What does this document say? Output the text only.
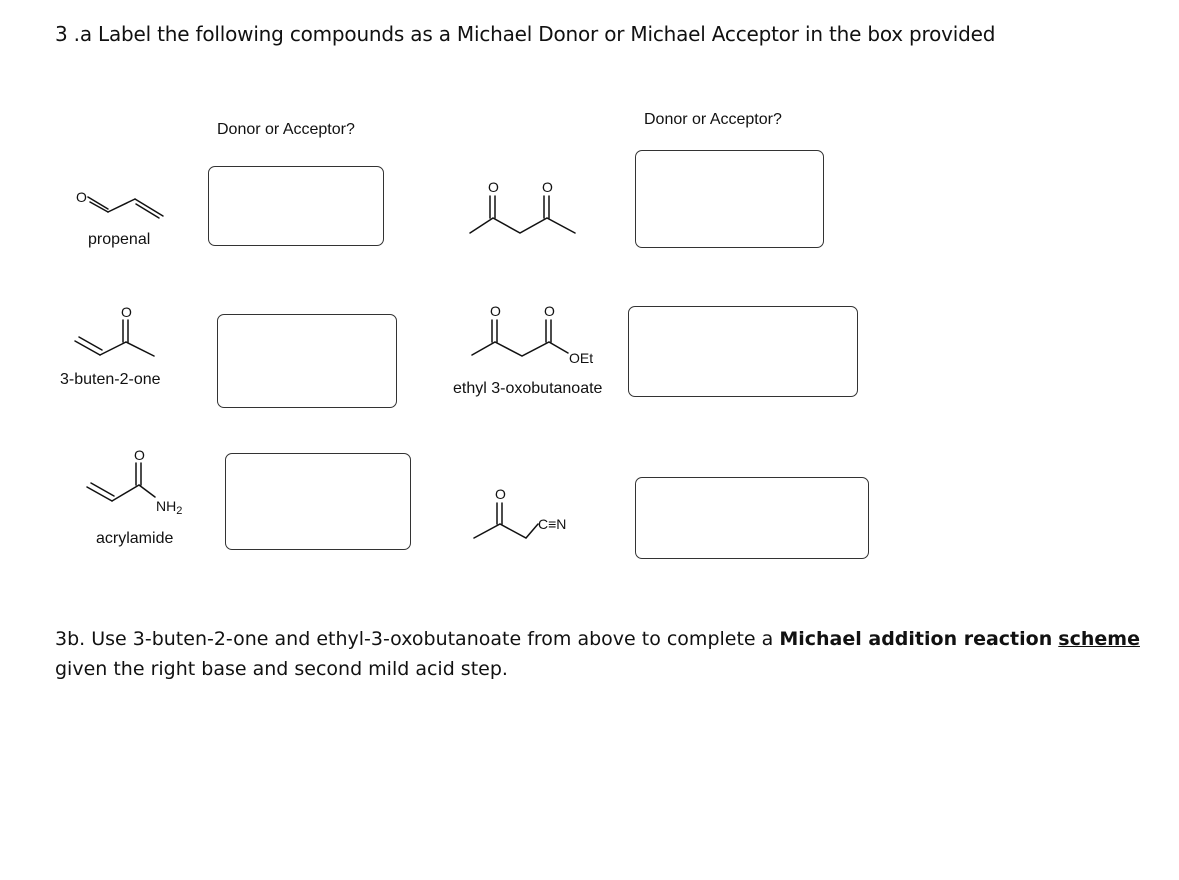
3 .a Label the following compounds as a Michael Donor or Michael Acceptor in the box provided
Donor or Acceptor?
Donor or Acceptor?
O
propenal
O
3-buten-2-one
O
$NH_2$
acrylamide
O	O
O	O
OEt
ethyl 3-oxobutanoate
O
C≡N
3b. Use 3-buten-2-one and ethyl-3-oxobutanoate from above to complete a Michael addition reaction scheme given the right base and second mild acid step.
